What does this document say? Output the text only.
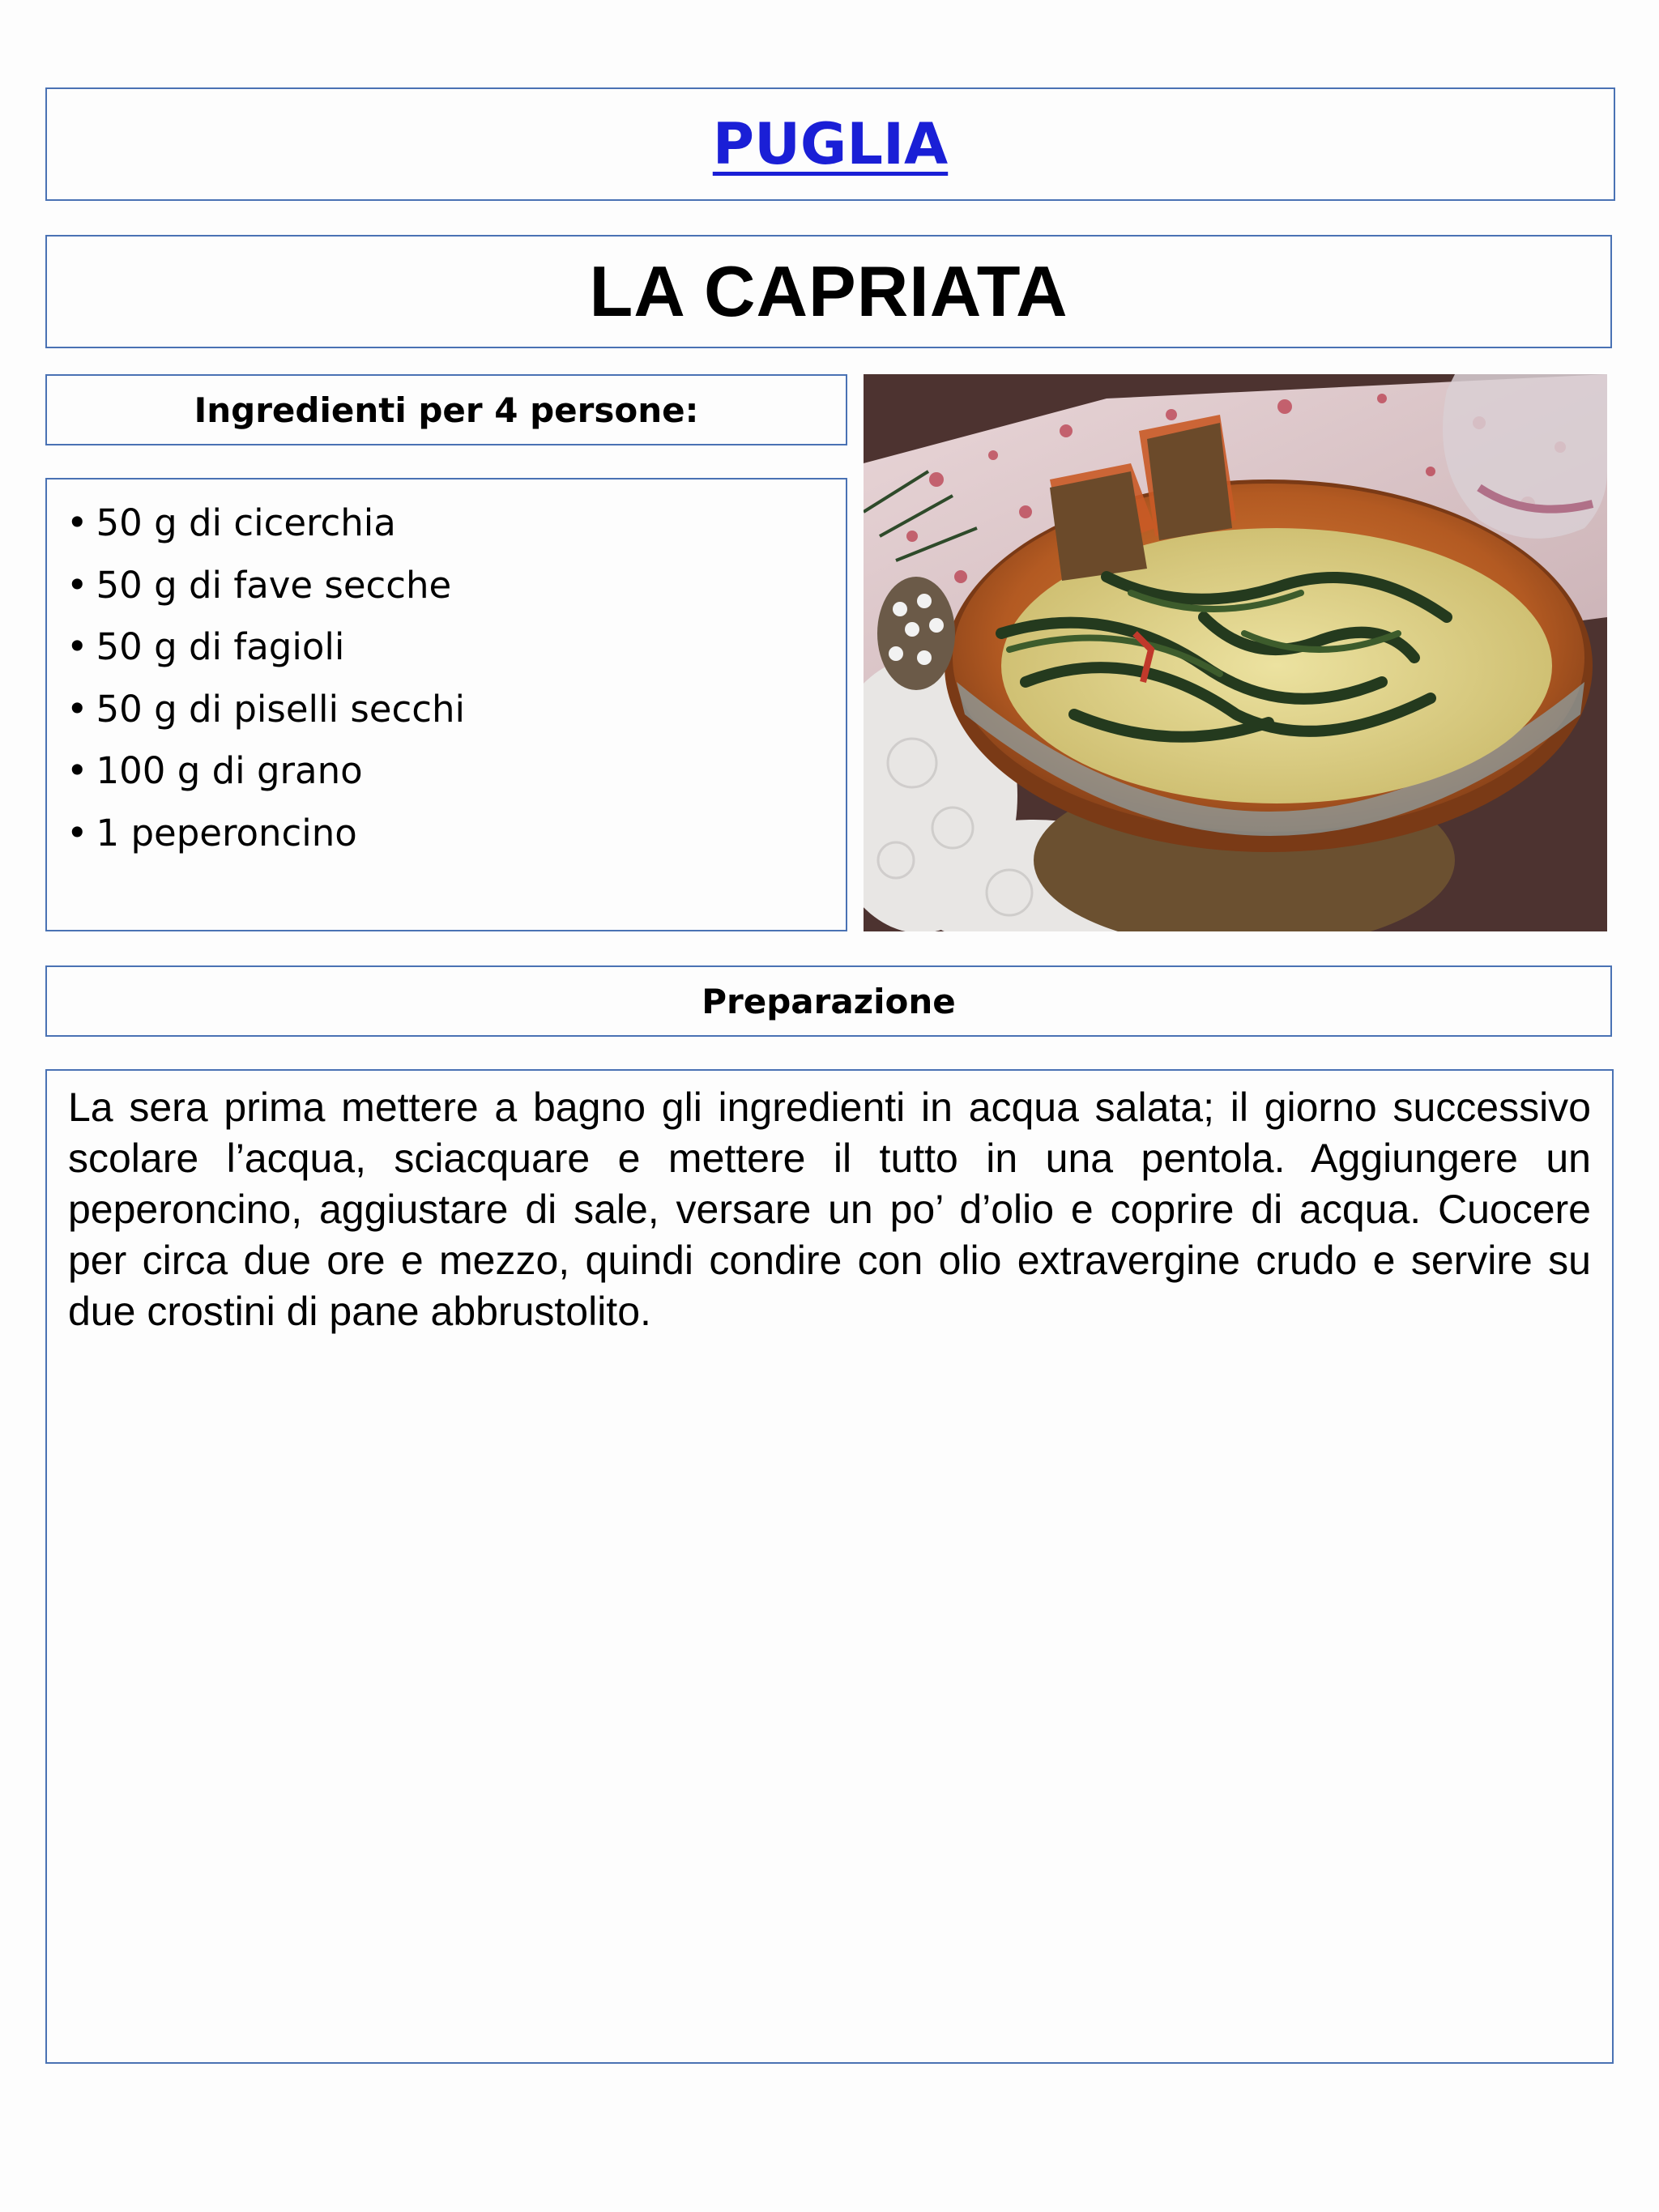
PUGLIA
LA CAPRIATA
Ingredienti per 4 persone:
• 50 g di cicerchia
• 50 g di fave secche
• 50 g di fagioli
• 50 g di piselli secchi
• 100 g di grano
• 1 peperoncino
Preparazione

La sera prima mettere a bagno gli ingredienti in acqua salata; il giorno successivo scolare l’acqua, sciacquare e mettere il tutto in una pentola. Aggiungere un peperoncino, aggiustare di sale, versare un po’ d’olio e coprire di acqua. Cuocere per circa due ore e mezzo, quindi condire con olio extravergine crudo e servire su due crostini di pane abbrustolito.
